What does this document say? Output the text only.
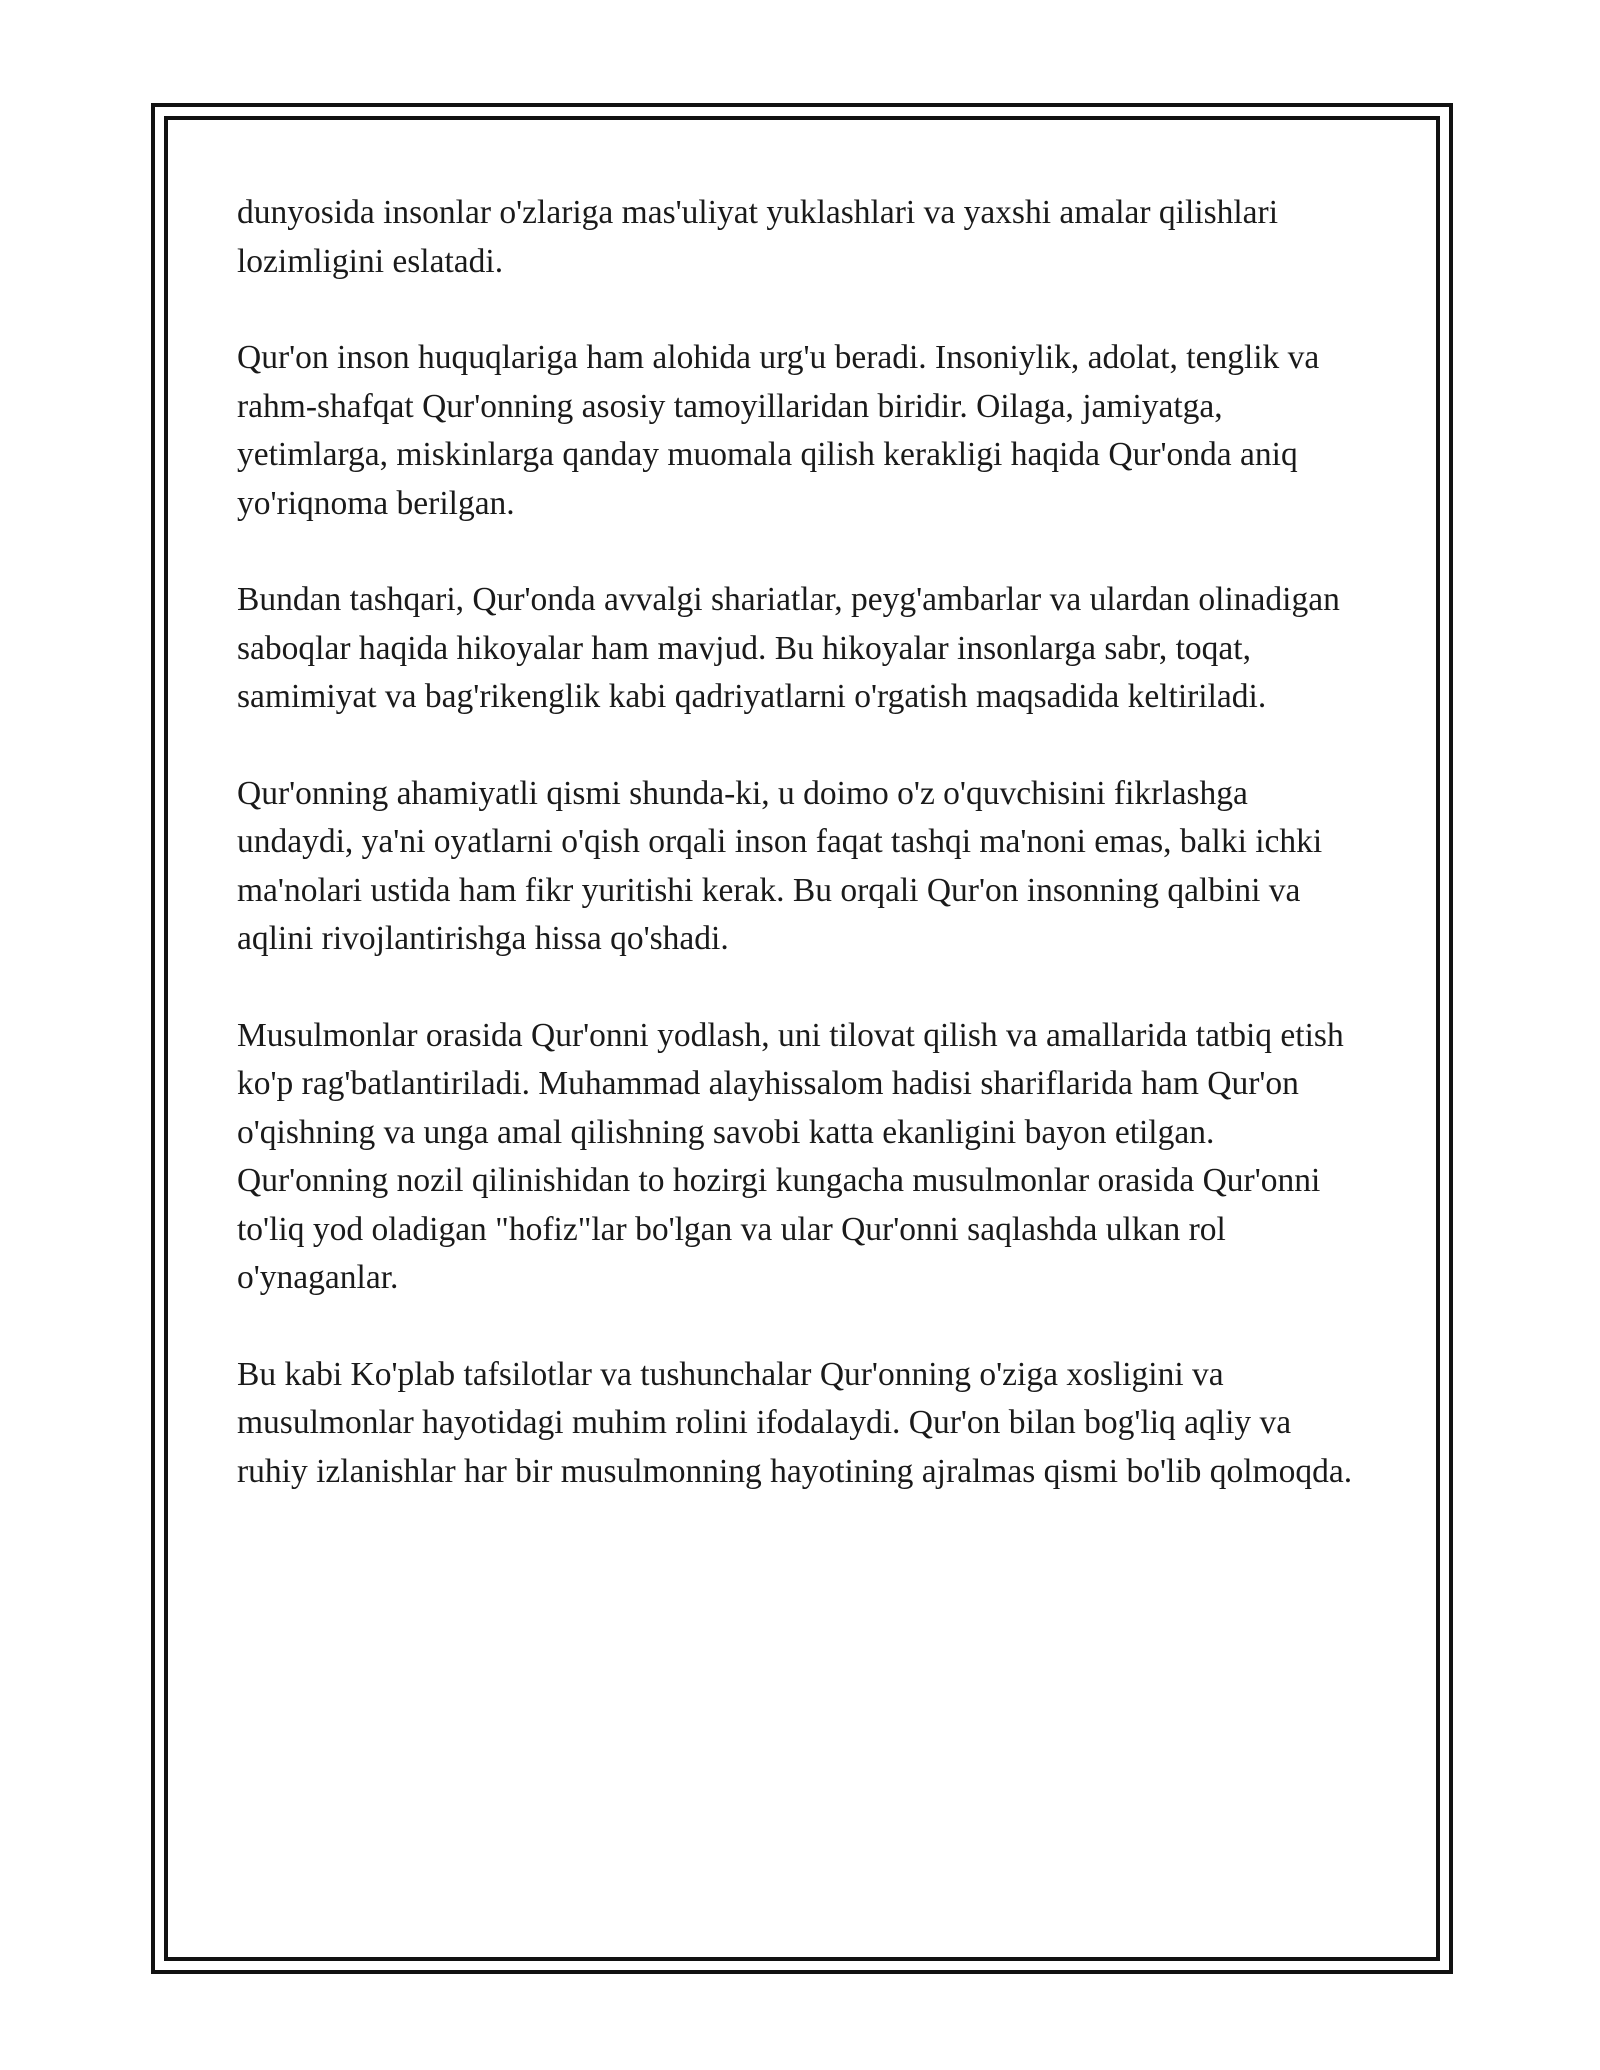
dunyosida insonlar o'zlariga mas'uliyat yuklashlari va yaxshi amalar qilishlari lozimligini eslatadi.

Qur'on inson huquqlariga ham alohida urg'u beradi. Insoniylik, adolat, tenglik va rahm-shafqat Qur'onning asosiy tamoyillaridan biridir. Oilaga, jamiyatga, yetimlarga, miskinlarga qanday muomala qilish kerakligi haqida Qur'onda aniq yo'riqnoma berilgan.

Bundan tashqari, Qur'onda avvalgi shariatlar, peyg'ambarlar va ulardan olinadigan saboqlar haqida hikoyalar ham mavjud. Bu hikoyalar insonlarga sabr, toqat, samimiyat va bag'rikenglik kabi qadriyatlarni o'rgatish maqsadida keltiriladi.

Qur'onning ahamiyatli qismi shunda-ki, u doimo o'z o'quvchisini fikrlashga undaydi, ya'ni oyatlarni o'qish orqali inson faqat tashqi ma'noni emas, balki ichki ma'nolari ustida ham fikr yuritishi kerak. Bu orqali Qur'on insonning qalbini va aqlini rivojlantirishga hissa qo'shadi.

Musulmonlar orasida Qur'onni yodlash, uni tilovat qilish va amallarida tatbiq etish ko'p rag'batlantiriladi. Muhammad alayhissalom hadisi shariflarida ham Qur'on o'qishning va unga amal qilishning savobi katta ekanligini bayon etilgan. Qur'onning nozil qilinishidan to hozirgi kungacha musulmonlar orasida Qur'onni to'liq yod oladigan "hofiz"lar bo'lgan va ular Qur'onni saqlashda ulkan rol o'ynaganlar.

Bu kabi Ko'plab tafsilotlar va tushunchalar Qur'onning o'ziga xosligini va musulmonlar hayotidagi muhim rolini ifodalaydi. Qur'on bilan bog'liq aqliy va ruhiy izlanishlar har bir musulmonning hayotining ajralmas qismi bo'lib qolmoqda.
